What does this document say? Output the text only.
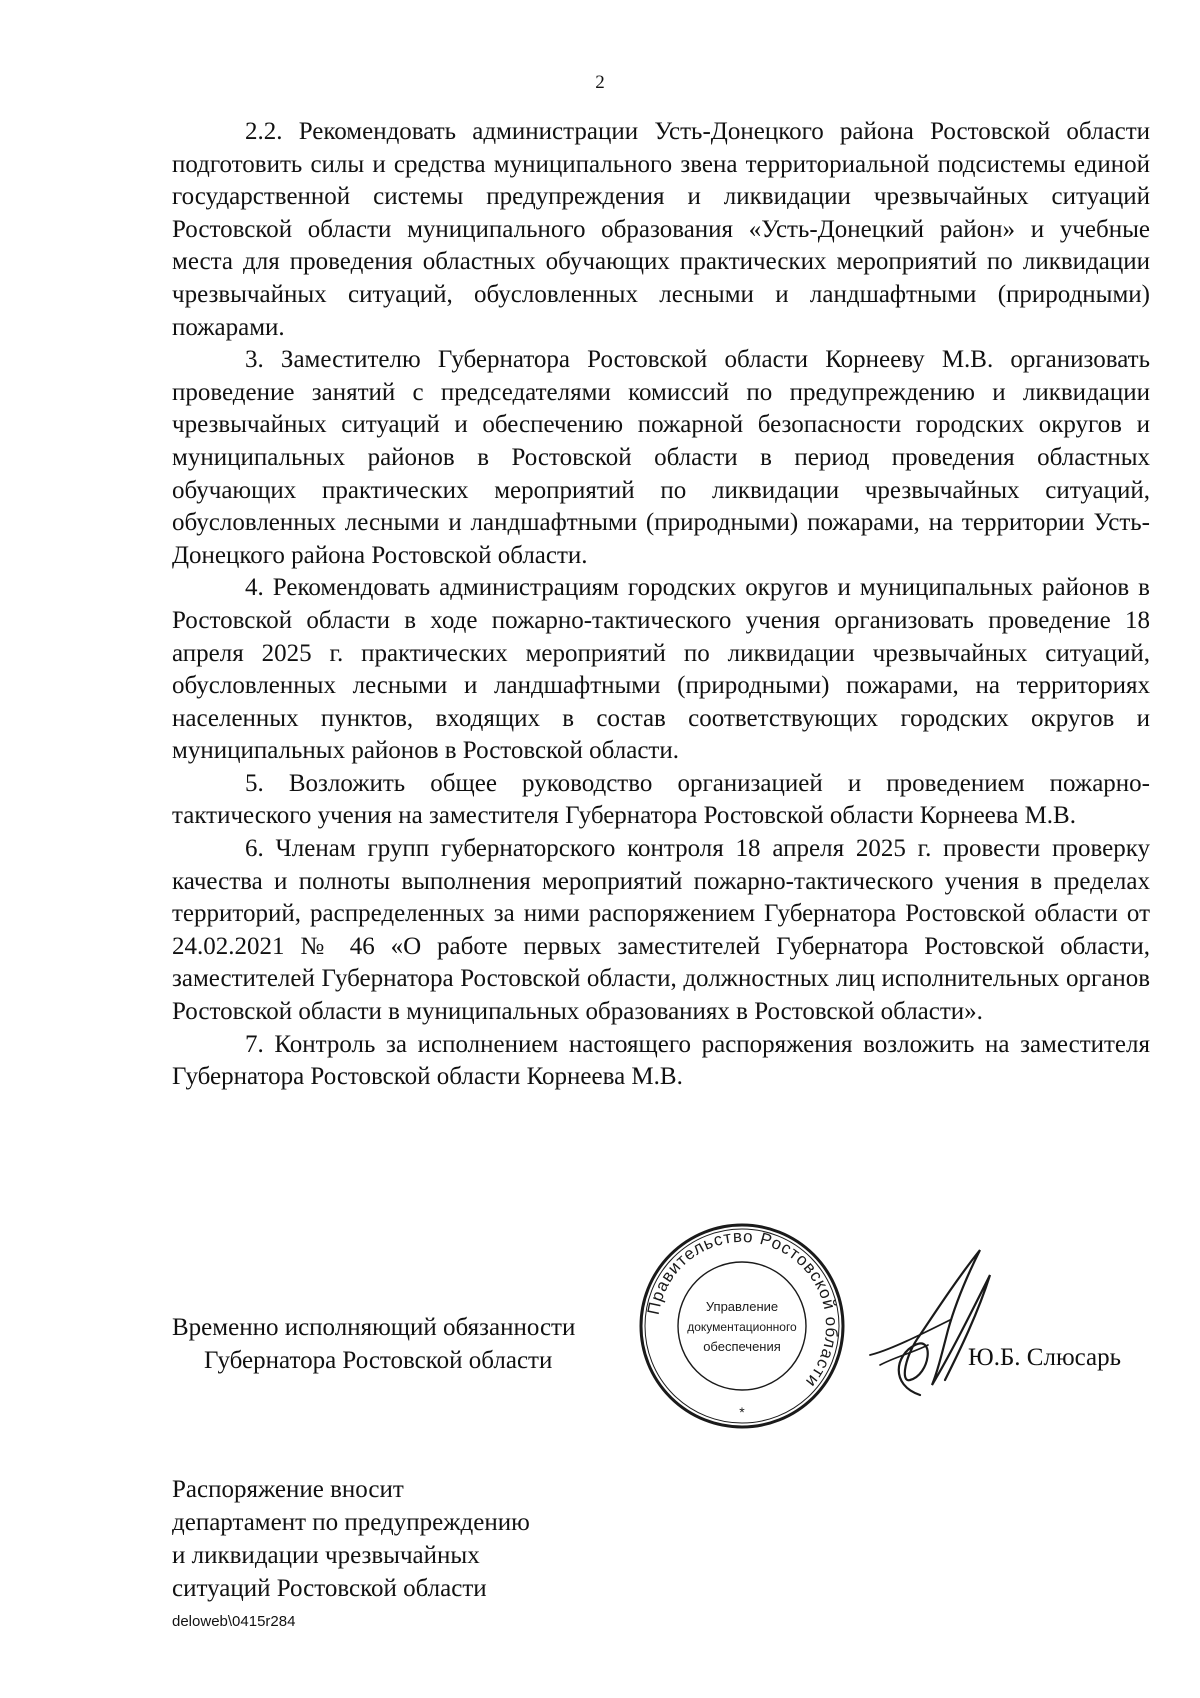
2

2.2. Рекомендовать администрации Усть-Донецкого района Ростовской области подготовить силы и средства муниципального звена территориальной подсистемы единой государственной системы предупреждения и ликвидации чрезвычайных ситуаций Ростовской области муниципального образования «Усть-Донецкий район» и учебные места для проведения областных обучающих практических мероприятий по ликвидации чрезвычайных ситуаций, обусловленных лесными и ландшафтными (природными) пожарами.

3. Заместителю Губернатора Ростовской области Корнееву М.В. организовать проведение занятий с председателями комиссий по предупреждению и ликвидации чрезвычайных ситуаций и обеспечению пожарной безопасности городских округов и муниципальных районов в Ростовской области в период проведения областных обучающих практических мероприятий по ликвидации чрезвычайных ситуаций, обусловленных лесными и ландшафтными (природными) пожарами, на территории Усть-Донецкого района Ростовской области.

4. Рекомендовать администрациям городских округов и муниципальных районов в Ростовской области в ходе пожарно-тактического учения организовать проведение 18 апреля 2025 г. практических мероприятий по ликвидации чрезвычайных ситуаций, обусловленных лесными и ландшафтными (природными) пожарами, на территориях населенных пунктов, входящих в состав соответствующих городских округов и муниципальных районов в Ростовской области.

5. Возложить общее руководство организацией и проведением пожарно-тактического учения на заместителя Губернатора Ростовской области Корнеева М.В.

6. Членам групп губернаторского контроля 18 апреля 2025 г. провести проверку качества и полноты выполнения мероприятий пожарно-тактического учения в пределах территорий, распределенных за ними распоряжением Губернатора Ростовской области от 24.02.2021 № 46 «О работе первых заместителей Губернатора Ростовской области, заместителей Губернатора Ростовской области, должностных лиц исполнительных органов Ростовской области в муниципальных образованиях в Ростовской области».

7. Контроль за исполнением настоящего распоряжения возложить на заместителя Губернатора Ростовской области Корнеева М.В.

Временно исполняющий обязанности
Губернатора Ростовской области
Правительство Ростовской области
Управление
документационного
обеспечения
*
Ю.Б. Слюсарь
Распоряжение вносит
департамент по предупреждению
и ликвидации чрезвычайных
ситуаций Ростовской области
deloweb\0415r284
